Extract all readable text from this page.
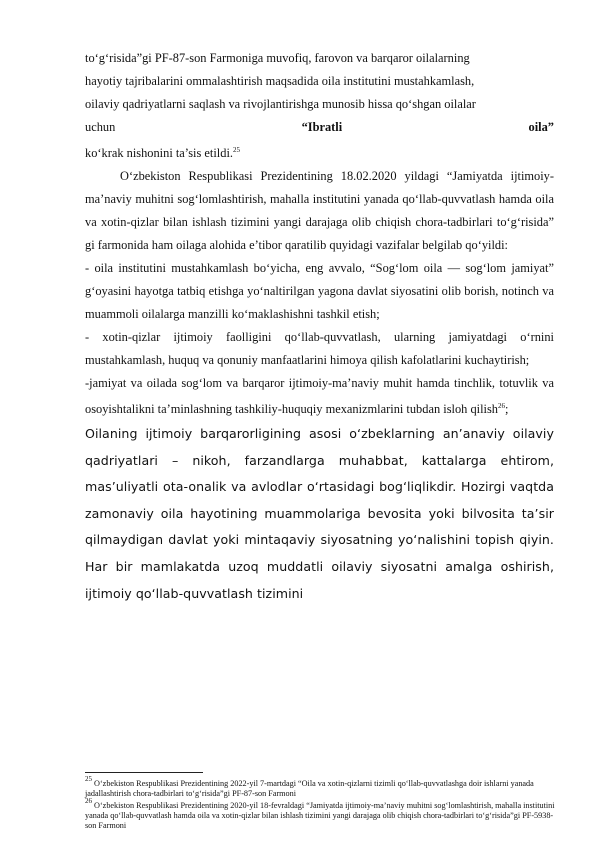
to‘g‘risida”gi PF-87-son Farmoniga muvofiq, farovon va barqaror oilalarning

hayotiy tajribalarini ommalashtirish maqsadida oila institutini mustahkamlash,

oilaviy qadriyatlarni saqlash va rivojlantirishga munosib hissa qo‘shgan oilalar

uchun	“Ibratli	oila”

ko‘krak nishonini ta’sis etildi.$^{25}$

O‘zbekiston Respublikasi Prezidentining 18.02.2020 yildagi “Jamiyatda ijtimoiy-ma’naviy muhitni sog‘lomlashtirish, mahalla institutini yanada qo‘llab-quvvatlash hamda oila va xotin-qizlar bilan ishlash tizimini yangi darajaga olib chiqish chora-tadbirlari to‘g‘risida” gi farmonida ham oilaga alohida e’tibor qaratilib quyidagi vazifalar belgilab qo‘yildi:

- oila institutini mustahkamlash bo‘yicha, eng avvalo, “Sog‘lom oila — sog‘lom jamiyat” g‘oyasini hayotga tatbiq etishga yo‘naltirilgan yagona davlat siyosatini olib borish, notinch va muammoli oilalarga manzilli ko‘maklashishni tashkil etish;

- xotin-qizlar ijtimoiy faolligini qo‘llab-quvvatlash, ularning jamiyatdagi o‘rnini mustahkamlash, huquq va qonuniy manfaatlarini himoya qilish kafolatlarini kuchaytirish;

-jamiyat va oilada sog‘lom va barqaror ijtimoiy-ma’naviy muhit hamda tinchlik, totuvlik va osoyishtalikni ta’minlashning tashkiliy-huquqiy mexanizmlarini tubdan isloh qilish$^{26}$;

Oilaning ijtimoiy barqarorligining asosi o‘zbeklarning an’anaviy oilaviy qadriyatlari – nikoh, farzandlarga muhabbat, kattalarga ehtirom, mas’uliyatli ota-onalik va avlodlar o‘rtasidagi bog‘liqlikdir. Hozirgi vaqtda zamonaviy oila hayotining muammolariga bevosita yoki bilvosita ta’sir qilmaydigan davlat yoki mintaqaviy siyosatning yo‘nalishini topish qiyin. Har bir mamlakatda uzoq muddatli oilaviy siyosatni amalga oshirish, ijtimoiy qo‘llab-quvvatlash tizimini

25 O‘zbekiston Respublikasi Prezidentining 2022-yil 7-martdagi “Oila va xotin-qizlarni tizimli qo‘llab-quvvatlashga doir ishlarni yanada jadallashtirish chora-tadbirlari to‘g‘risida”gi PF-87-son Farmoni

26 O‘zbekiston Respublikasi Prezidentining 2020-yil 18-fevraldagi “Jamiyatda ijtimoiy-ma’naviy muhitni sog‘lomlashtirish, mahalla institutini yanada qo‘llab-quvvatlash hamda oila va xotin-qizlar bilan ishlash tizimini yangi darajaga olib chiqish chora-tadbirlari to‘g‘risida”gi PF-5938-son Farmoni
